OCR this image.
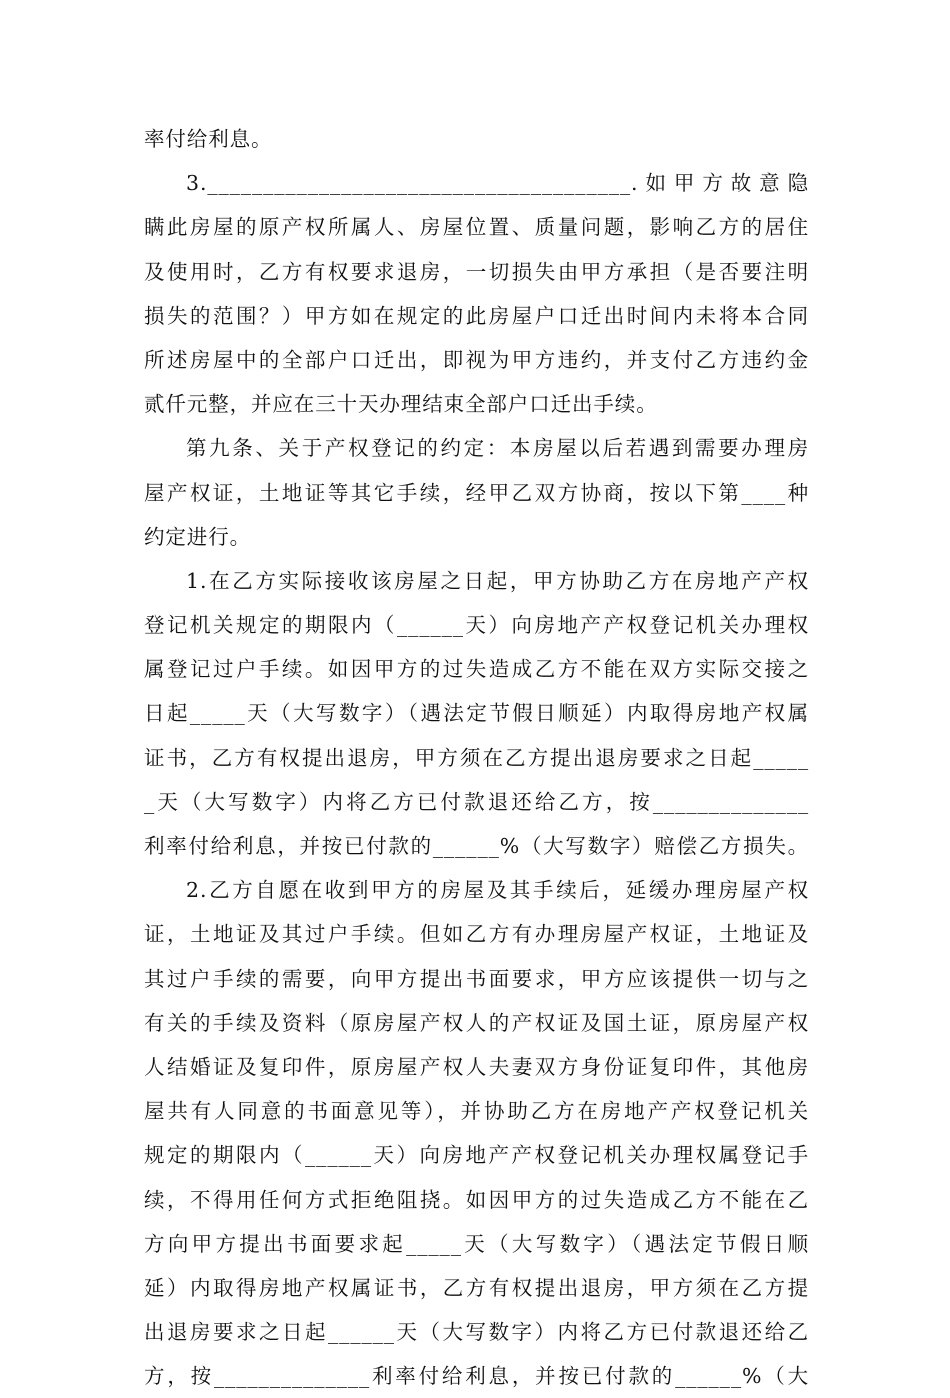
率付给利息。
3.______________________________________.如甲方故意隐
瞒此房屋的原产权所属人、房屋位置、质量问题，影响乙方的居住
及使用时，乙方有权要求退房，一切损失由甲方承担（是否要注明
损失的范围？）甲方如在规定的此房屋户口迁出时间内未将本合同
所述房屋中的全部户口迁出，即视为甲方违约，并支付乙方违约金
贰仟元整，并应在三十天办理结束全部户口迁出手续。
第九条、关于产权登记的约定：本房屋以后若遇到需要办理房
屋产权证，土地证等其它手续，经甲乙双方协商，按以下第____种
约定进行。
1.在乙方实际接收该房屋之日起，甲方协助乙方在房地产产权
登记机关规定的期限内（______天）向房地产产权登记机关办理权
属登记过户手续。如因甲方的过失造成乙方不能在双方实际交接之
日起_____天（大写数字）（遇法定节假日顺延）内取得房地产权属
证书，乙方有权提出退房，甲方须在乙方提出退房要求之日起_____
_天（大写数字）内将乙方已付款退还给乙方，按______________
利率付给利息，并按已付款的______%（大写数字）赔偿乙方损失。
2.乙方自愿在收到甲方的房屋及其手续后，延缓办理房屋产权
证，土地证及其过户手续。但如乙方有办理房屋产权证，土地证及
其过户手续的需要，向甲方提出书面要求，甲方应该提供一切与之
有关的手续及资料（原房屋产权人的产权证及国土证，原房屋产权
人结婚证及复印件，原房屋产权人夫妻双方身份证复印件，其他房
屋共有人同意的书面意见等），并协助乙方在房地产产权登记机关
规定的期限内（______天）向房地产产权登记机关办理权属登记手
续，不得用任何方式拒绝阻挠。如因甲方的过失造成乙方不能在乙
方向甲方提出书面要求起_____天（大写数字）（遇法定节假日顺
延）内取得房地产权属证书，乙方有权提出退房，甲方须在乙方提
出退房要求之日起______天（大写数字）内将乙方已付款退还给乙
方，按______________利率付给利息，并按已付款的______%（大
